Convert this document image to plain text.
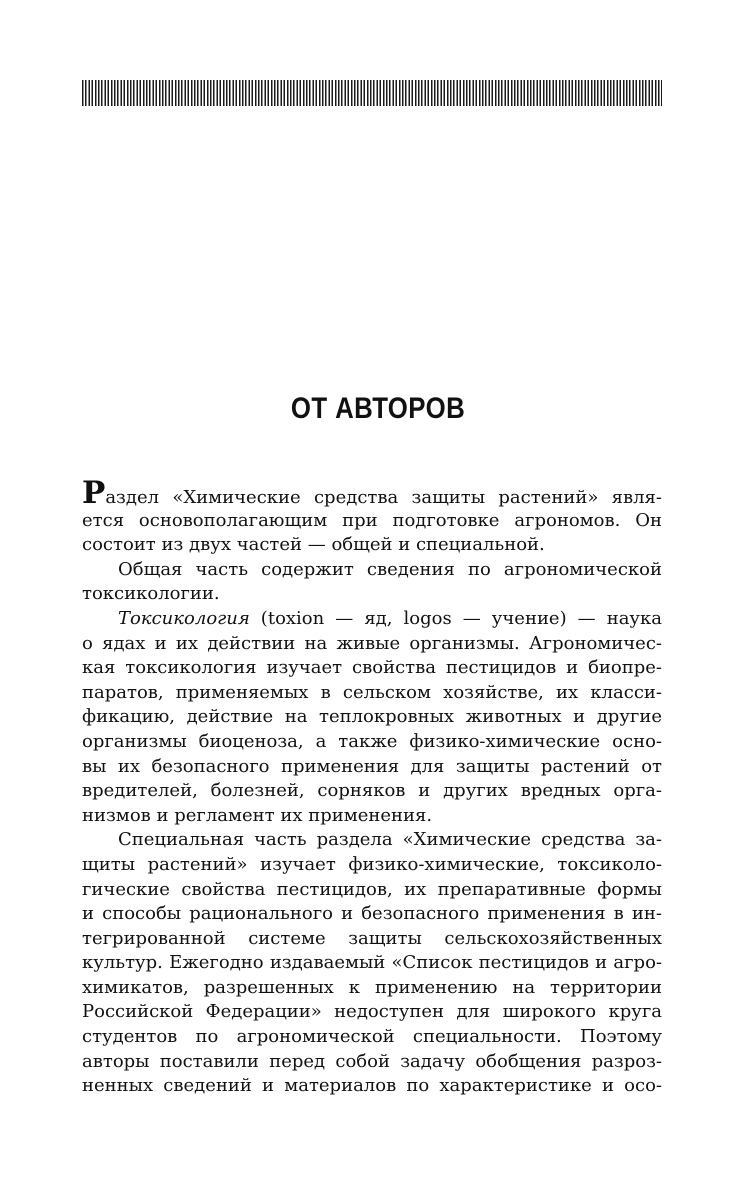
ОТ АВТОРОВ
Раздел «Химические средства защиты растений» явля-
ется основополагающим при подготовке агрономов. Он
состоит из двух частей — общей и специальной.
Общая часть содержит сведения по агрономической
токсикологии.
Токсикология (toxion — яд, logos — учение) — наука
о ядах и их действии на живые организмы. Агрономичес-
кая токсикология изучает свойства пестицидов и биопре-
паратов, применяемых в сельском хозяйстве, их класси-
фикацию, действие на теплокровных животных и другие
организмы биоценоза, а также физико-химические осно-
вы их безопасного применения для защиты растений от
вредителей, болезней, сорняков и других вредных орга-
низмов и регламент их применения.
Специальная часть раздела «Химические средства за-
щиты растений» изучает физико-химические, токсиколо-
гические свойства пестицидов, их препаративные формы
и способы рационального и безопасного применения в ин-
тегрированной системе защиты сельскохозяйственных
культур. Ежегодно издаваемый «Список пестицидов и агро-
химикатов, разрешенных к применению на территории
Российской Федерации» недоступен для широкого круга
студентов по агрономической специальности. Поэтому
авторы поставили перед собой задачу обобщения разроз-
ненных сведений и материалов по характеристике и осо-
